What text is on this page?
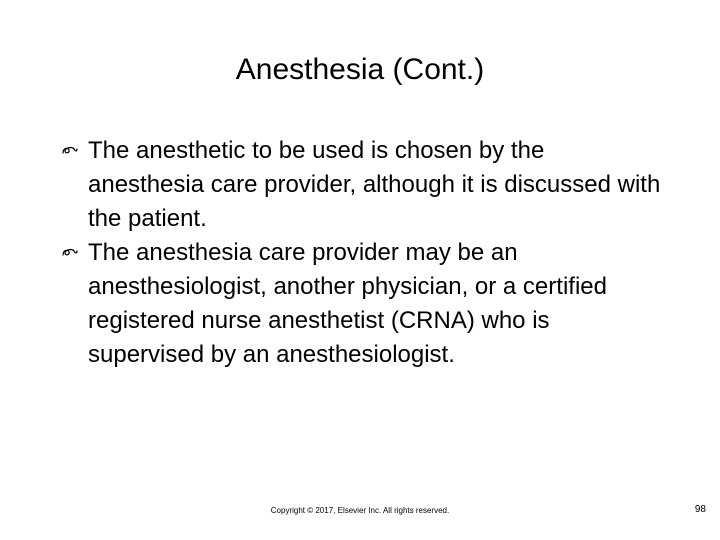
Anesthesia (Cont.)
The anesthetic to be used is chosen by the anesthesia care provider, although it is discussed with the patient.
The anesthesia care provider may be an anesthesiologist, another physician, or a certified registered nurse anesthetist (CRNA) who is supervised by an anesthesiologist.
Copyright © 2017, Elsevier Inc. All rights reserved.	98
